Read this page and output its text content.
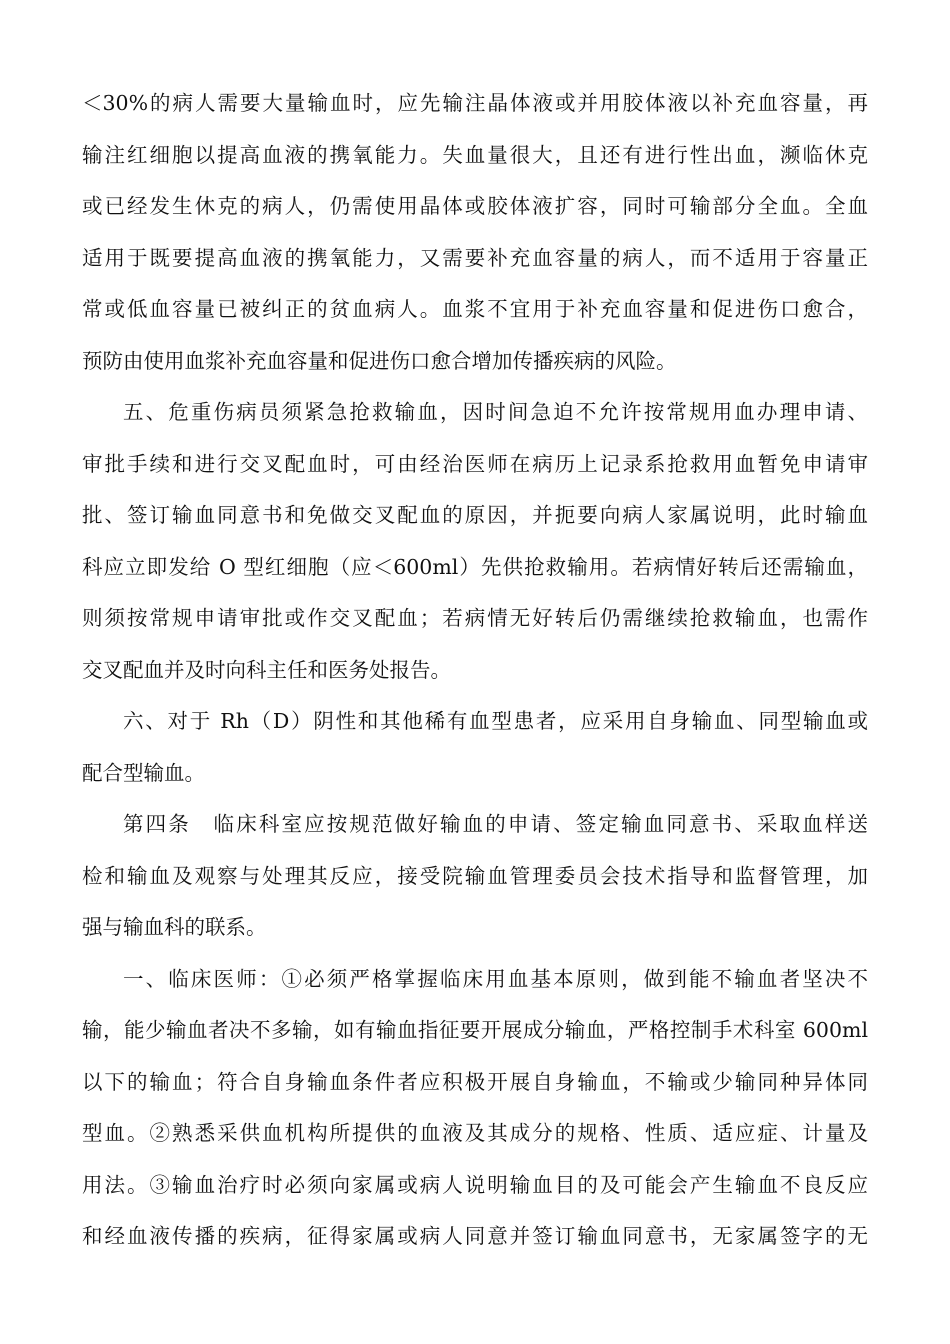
＜30%的病人需要大量输血时，应先输注晶体液或并用胶体液以补充血容量，再
输注红细胞以提高血液的携氧能力。失血量很大，且还有进行性出血，濒临休克
或已经发生休克的病人，仍需使用晶体或胶体液扩容，同时可输部分全血。全血
适用于既要提高血液的携氧能力，又需要补充血容量的病人，而不适用于容量正
常或低血容量已被纠正的贫血病人。血浆不宜用于补充血容量和促进伤口愈合，
预防由使用血浆补充血容量和促进伤口愈合增加传播疾病的风险。
五、危重伤病员须紧急抢救输血，因时间急迫不允许按常规用血办理申请、
审批手续和进行交叉配血时，可由经治医师在病历上记录系抢救用血暂免申请审
批、签订输血同意书和免做交叉配血的原因，并扼要向病人家属说明，此时输血
科应立即发给 O 型红细胞（应＜600ml）先供抢救输用。若病情好转后还需输血，
则须按常规申请审批或作交叉配血；若病情无好转后仍需继续抢救输血，也需作
交叉配血并及时向科主任和医务处报告。
六、对于 Rh（D）阴性和其他稀有血型患者，应采用自身输血、同型输血或
配合型输血。
第四条　临床科室应按规范做好输血的申请、签定输血同意书、采取血样送
检和输血及观察与处理其反应，接受院输血管理委员会技术指导和监督管理，加
强与输血科的联系。
一、临床医师：①必须严格掌握临床用血基本原则，做到能不输血者坚决不
输，能少输血者决不多输，如有输血指征要开展成分输血，严格控制手术科室 600ml
以下的输血；符合自身输血条件者应积极开展自身输血，不输或少输同种异体同
型血。②熟悉采供血机构所提供的血液及其成分的规格、性质、适应症、计量及
用法。③输血治疗时必须向家属或病人说明输血目的及可能会产生输血不良反应
和经血液传播的疾病，征得家属或病人同意并签订输血同意书，无家属签字的无
